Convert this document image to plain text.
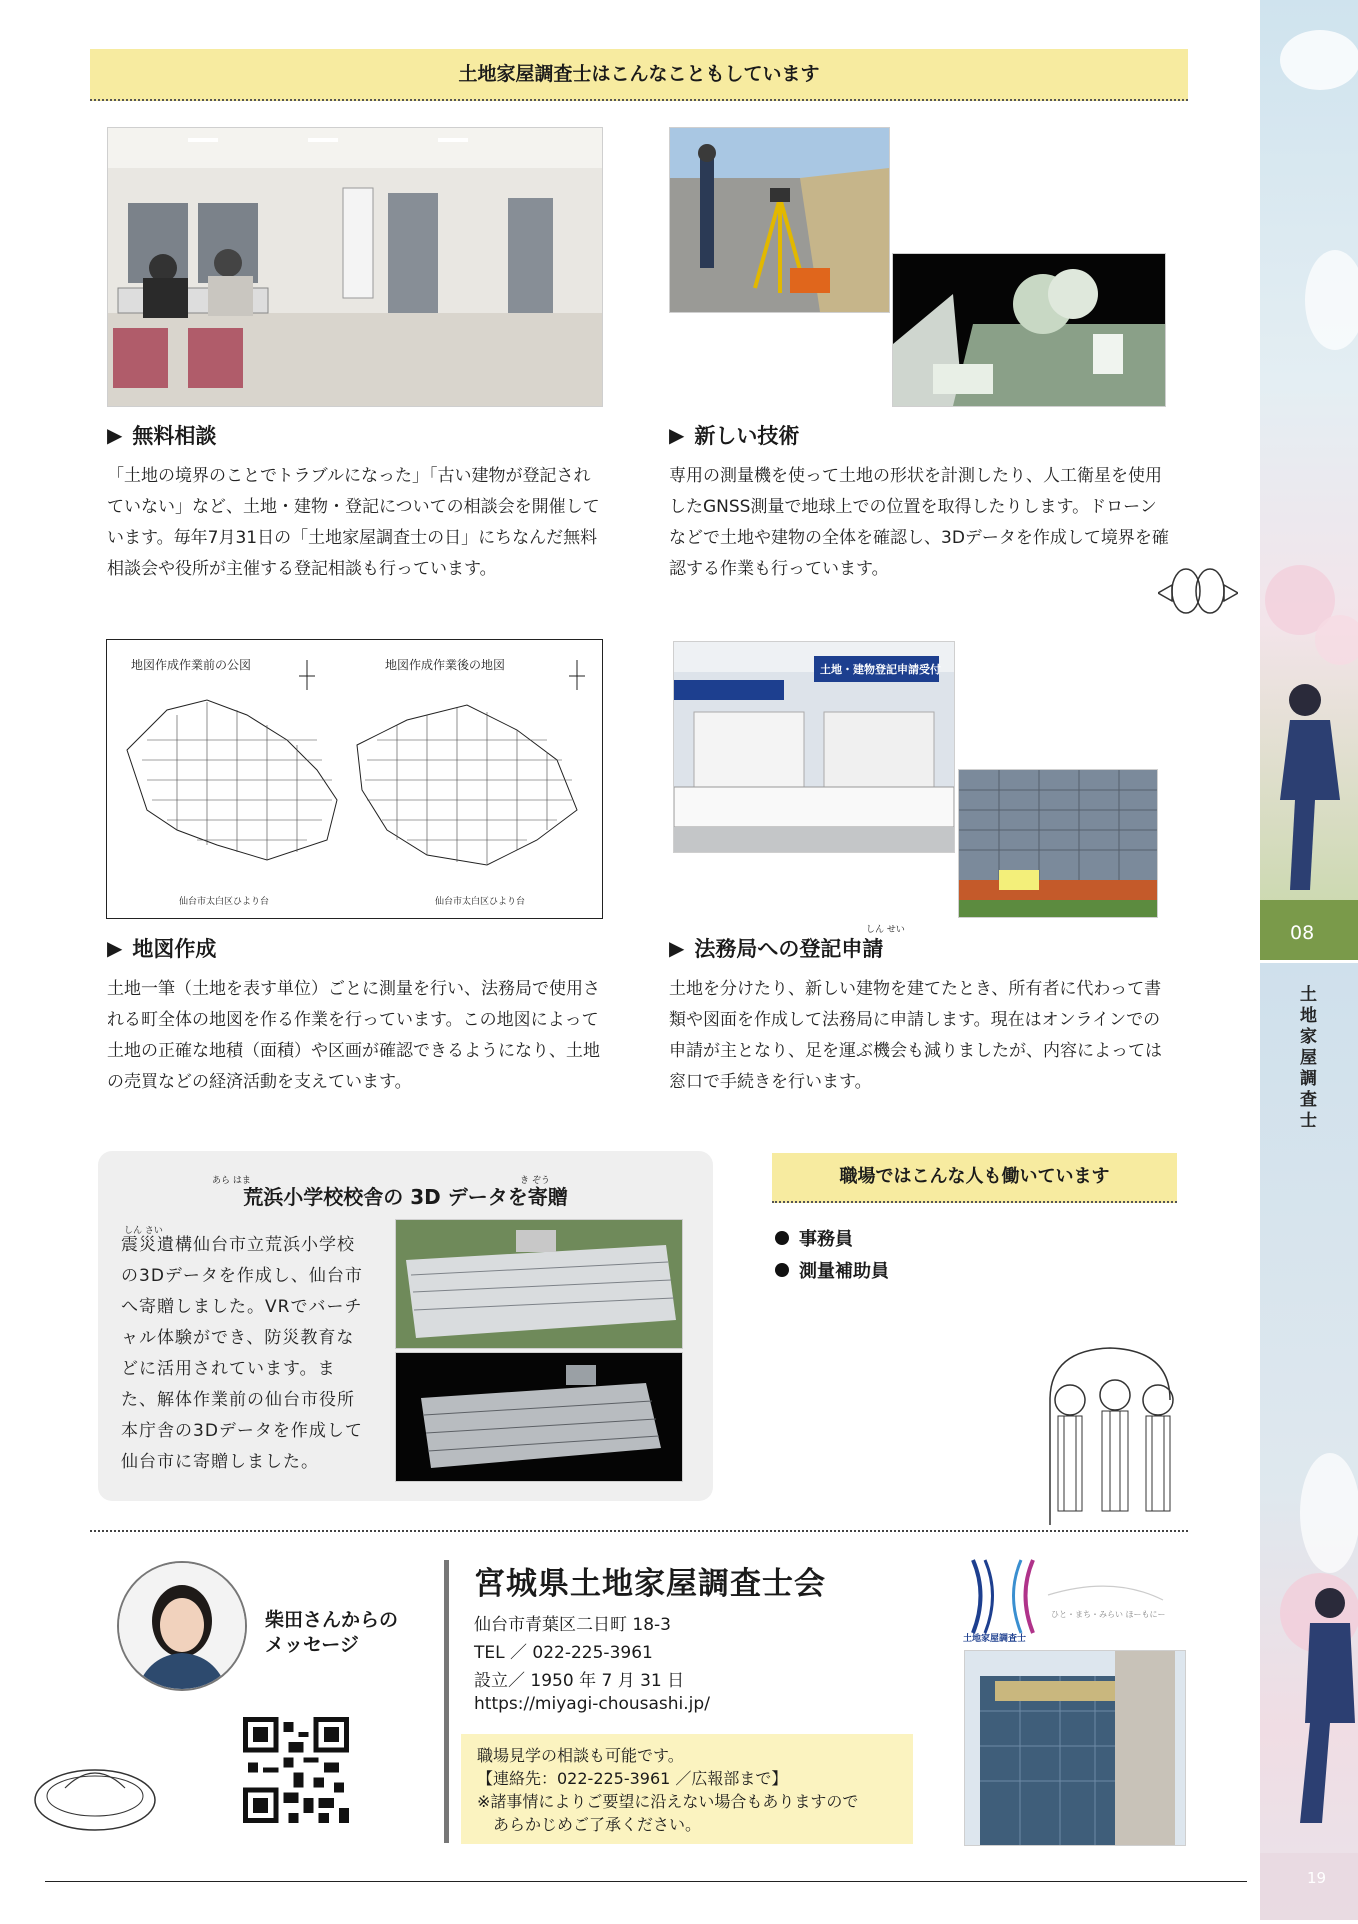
土地家屋調査士はこんなこともしています
▶ 無料相談
「土地の境界のことでトラブルになった」「古い建物が登記されていない」など、土地・建物・登記についての相談会を開催しています。毎年7月31日の「土地家屋調査士の日」にちなんだ無料相談会や役所が主催する登記相談も行っています。
▶ 新しい技術
専用の測量機を使って土地の形状を計測したり、人工衛星を使用したGNSS測量で地球上での位置を取得したりします。ドローンなどで土地や建物の全体を確認し、3Dデータを作成して境界を確認する作業も行っています。
地図作成作業前の公図	地図作成作業後の地図
仙台市太白区ひより台	仙台市太白区ひより台
土地・建物登記申請受付
▶ 地図作成
土地一筆（土地を表す単位）ごとに測量を行い、法務局で使用される町全体の地図を作る作業を行っています。この地図によって土地の正確な地積（面積）や区画が確認できるようになり、土地の売買などの経済活動を支えています。
▶ 法務局への登記申請
しん せい
土地を分けたり、新しい建物を建てたとき、所有者に代わって書類や図面を作成して法務局に申請します。現在はオンラインでの申請が主となり、足を運ぶ機会も減りましたが、内容によっては窓口で手続きを行います。
あら はま	き ぞう
荒浜小学校校舎の 3D データを寄贈
しん さい
震災遺構仙台市立荒浜小学校の3Dデータを作成し、仙台市へ寄贈しました。VRでバーチャル体験ができ、防災教育などに活用されています。また、解体作業前の仙台市役所本庁舎の3Dデータを作成して仙台市に寄贈しました。
職場ではこんな人も働いています
事務員
測量補助員
柴田さんからの
メッセージ
宮城県土地家屋調査士会
仙台市青葉区二日町 18-3
TEL ／ 022-225-3961
設立／ 1950 年 7 月 31 日
https://miyagi-chousashi.jp/
職場見学の相談も可能です。
【連絡先：022-225-3961 ／広報部まで】
※諸事情によりご要望に沿えない場合もありますので
　あらかじめご了承ください。
土地家屋調査士
ひと・まち・みらい ほーもにー
08
土地家屋調査士
19
